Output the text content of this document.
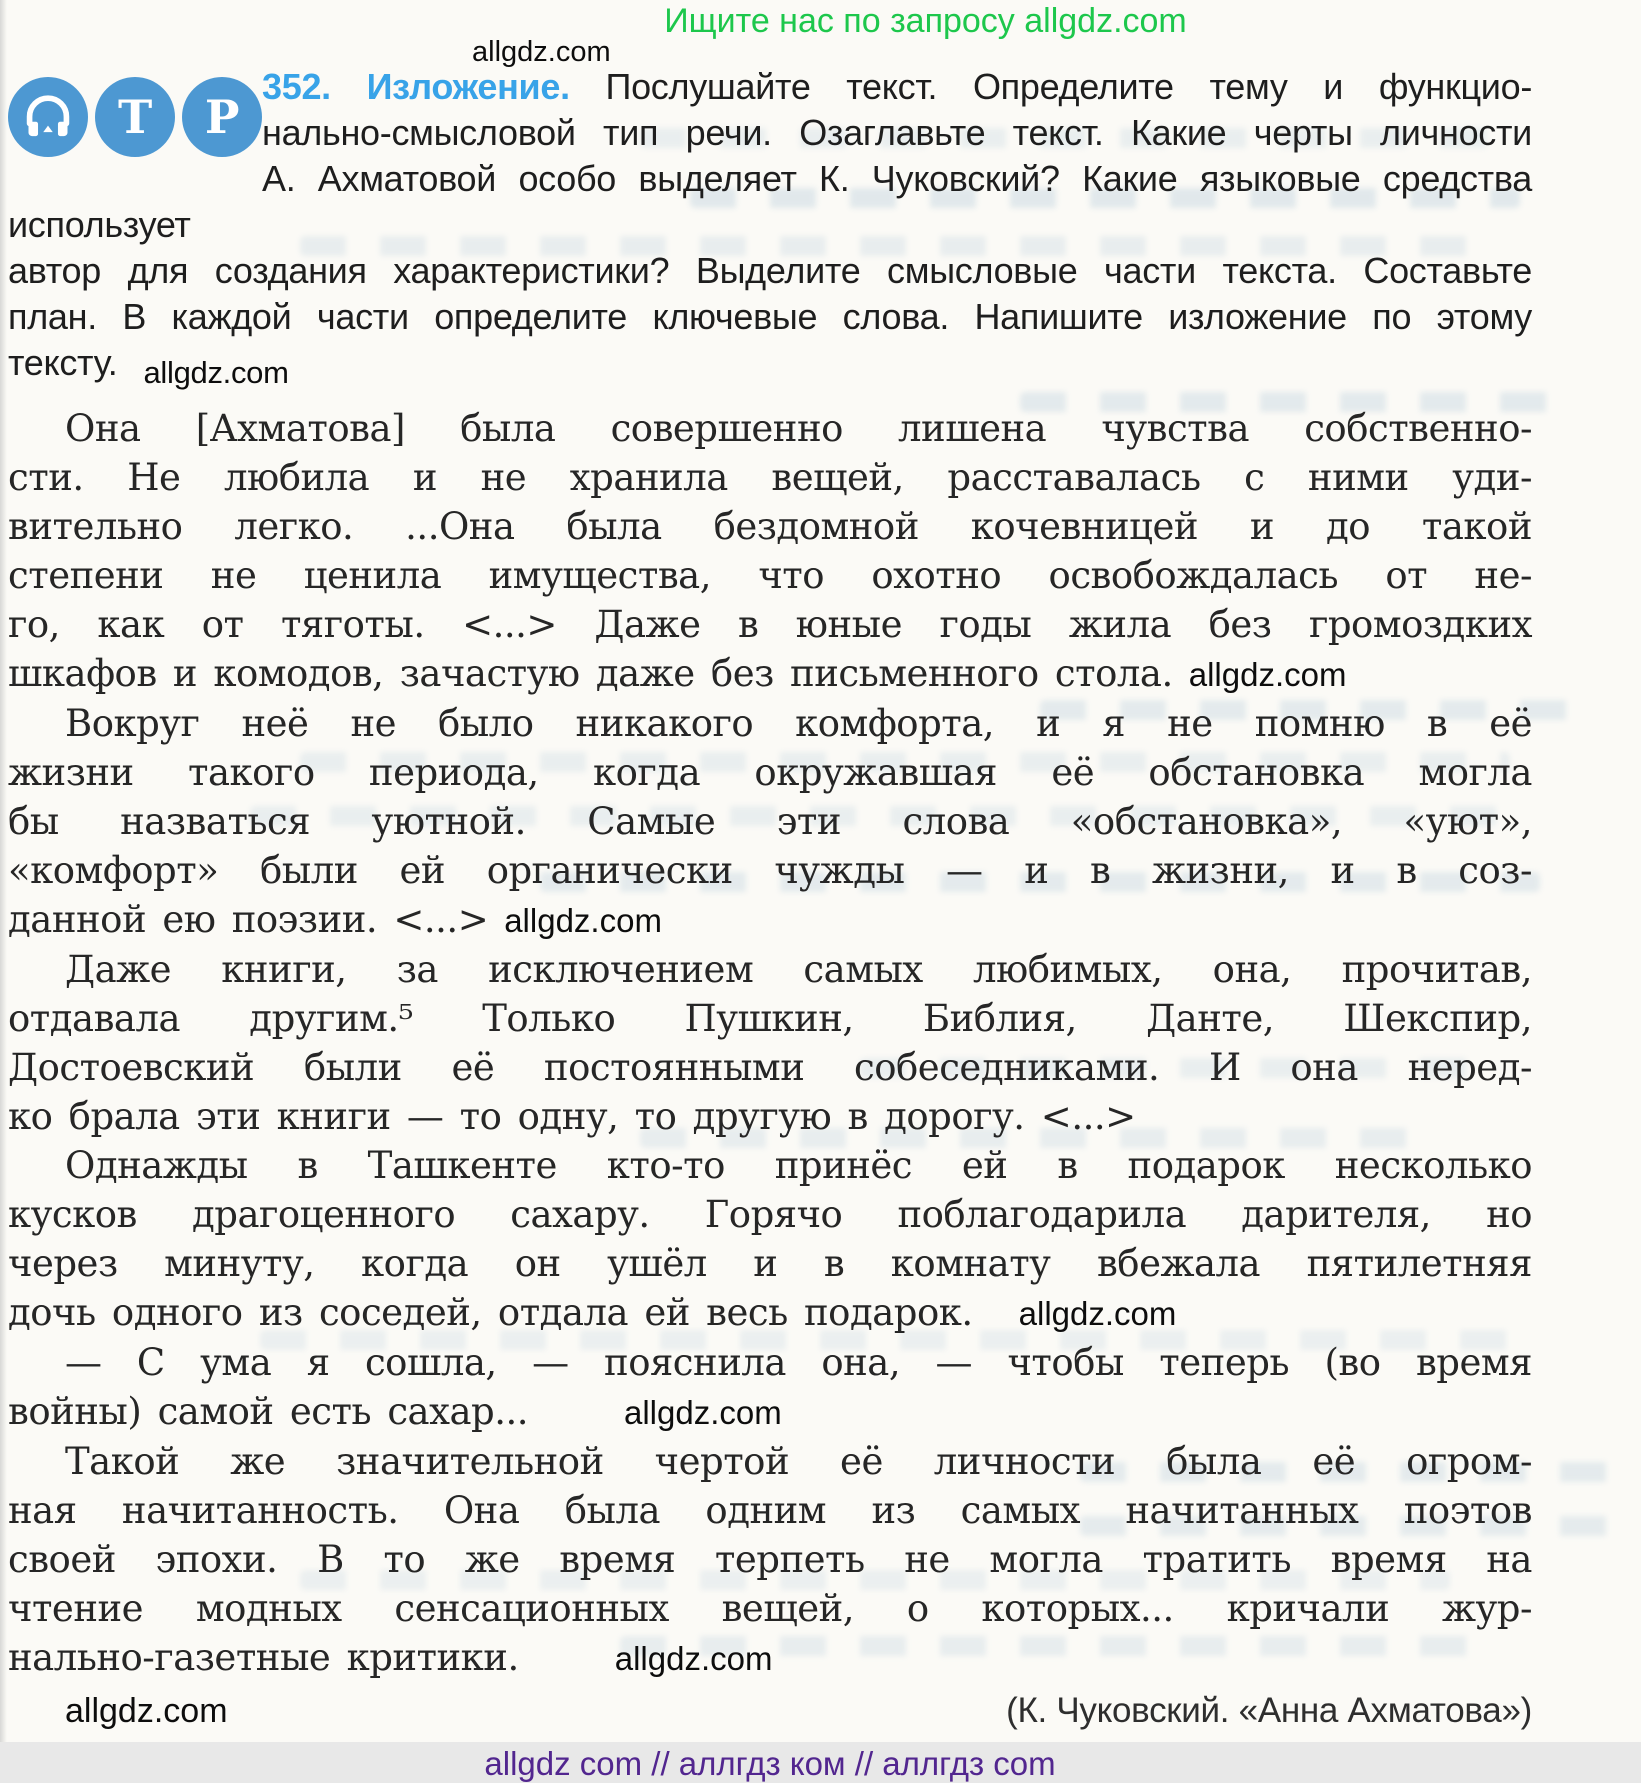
Ищите нас по запросу allgdz.com
allgdz.com
Т Р
352. Изложение. Послушайте текст. Определите тему и функцио-
нально-смысловой тип речи. Озаглавьте текст. Какие черты личности
А. Ахматовой особо выделяет К. Чуковский? Какие языковые средства использует
автор для создания характеристики? Выделите смысловые части текста. Составьте
план. В каждой части определите ключевые слова. Напишите изложение по этому
тексту. allgdz.com
Она [Ахматова] была совершенно лишена чувства собственно-
сти. Не любила и не хранила вещей, расставалась с ними уди-
вительно легко. ...Она была бездомной кочевницей и до такой
степени не ценила имущества, что охотно освобождалась от не-
го, как от тяготы. <...> Даже в юные годы жила без громоздких
шкафов и комодов, зачастую даже без письменного стола. allgdz.com
Вокруг неё не было никакого комфорта, и я не помню в её
жизни такого периода, когда окружавшая её обстановка могла
бы назваться уютной. Самые эти слова «обстановка», «уют»,
«комфорт» были ей органически чужды — и в жизни, и в соз-
данной ею поэзии. <...> allgdz.com
Даже книги, за исключением самых любимых, она, прочитав,
отдавала другим.⁵ Только Пушкин, Библия, Данте, Шекспир,
Достоевский были её постоянными собеседниками. И она неред-
ко брала эти книги — то одну, то другую в дорогу. <...>
Однажды в Ташкенте кто-то принёс ей в подарок несколько
кусков драгоценного сахару. Горячо поблагодарила дарителя, но
через минуту, когда он ушёл и в комнату вбежала пятилетняя
дочь одного из соседей, отдала ей весь подарок. allgdz.com
— С ума я сошла, — пояснила она, — чтобы теперь (во время
войны) самой есть сахар...	allgdz.com
Такой же значительной чертой её личности была её огром-
ная начитанность. Она была одним из самых начитанных поэтов
своей эпохи. В то же время терпеть не могла тратить время на
чтение модных сенсационных вещей, о которых... кричали жур-
нально-газетные критики.	allgdz.com
allgdz.com	(К. Чуковский. «Анна Ахматова»)
allgdz com // аллгдз ком // аллгдз com
